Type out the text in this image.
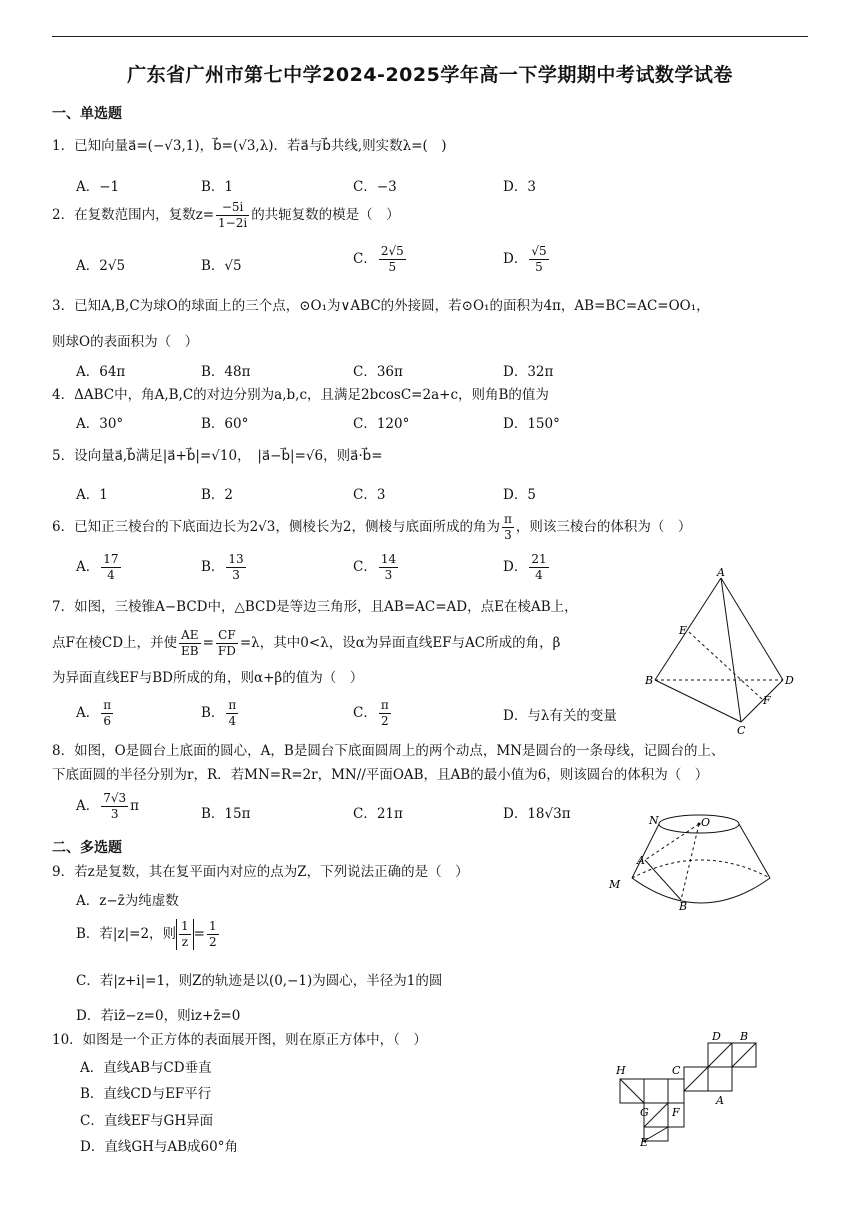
广东省广州市第七中学2024-2025学年高一下学期期中考试数学试卷
一、单选题
1．已知向量a⃗=(−√3,1)，b⃗=(√3,λ)．若a⃗与b⃗共线,则实数λ=(　)
A．−1	B．1	C．−3	D．3
2．在复数范围内，复数$z= \frac{-5i}{1-2i}$ 的共轭复数的模是（　）
A．2√5	B．√5	C． $\frac{2√5}{5}$	D． $\frac{√5}{5}$
3．已知A,B,C为球O的球面上的三个点，⊙O₁为∨ABC的外接圆，若⊙O₁的面积为4π，AB=BC=AC=OO₁，
则球O的表面积为（　）
A．64π	B．48π	C．36π	D．32π
4．ΔABC中，角A,B,C的对边分别为a,b,c，且满足2bcosC=2a+c，则角B的值为
A．30°	B．60°	C．120°	D．150°
5．设向量a⃗,b⃗满足|a⃗+b⃗|=√10，　|a⃗−b⃗|=√6，则a⃗·b⃗=
A．1	B．2	C．3	D．5
6．已知正三棱台的下底面边长为2√3，侧棱长为2，侧棱与底面所成的角为 $\frac{\pi}{3}$ ，则该三棱台的体积为（　）
A． $\frac{17}{4}$	B． $\frac{13}{3}$	C． $\frac{14}{3}$	D． $\frac{21}{4}$
7．如图，三棱锥A−BCD中，△BCD是等边三角形，且AB=AC=AD，点E在棱AB上，
点F在棱CD上，并使 $\frac{AE}{EB} = \frac{CF}{FD} =\lambda$，其中0<λ，设α为异面直线EF与AC所成的角，β
为异面直线EF与BD所成的角，则α+β的值为（　）
A． $\frac{\pi}{6}$	B． $\frac{\pi}{4}$	C． $\frac{\pi}{2}$	D．与λ有关的变量
8．如图，O是圆台上底面的圆心，A，B是圆台下底面圆周上的两个动点，MN是圆台的一条母线，记圆台的上、
下底面圆的半径分别为r，R．若MN=R=2r，MN//平面OAB，且AB的最小值为6，则该圆台的体积为（　）
A． $\frac{7√3}{3}$ π	B．15π	C．21π	D．18√3π
二、多选题
9．若z是复数，其在复平面内对应的点为Z，下列说法正确的是（　）
A．z−z̄为纯虚数
B．若|z|=2，则 $\frac{1}{z} = \frac{1}{2}$
C．若|z+i|=1，则Z的轨迹是以(0,−1)为圆心，半径为1的圆
D．若iz̄−z=0，则iz+z̄=0
10．如图是一个正方体的表面展开图，则在原正方体中，（　）
A．直线AB与CD垂直
B．直线CD与EF平行
C．直线EF与GH异面
D．直线GH与AB成60°角
A
B
C
D
E
F
N	O
A
M
B
D B
H	C
A
G F
E
